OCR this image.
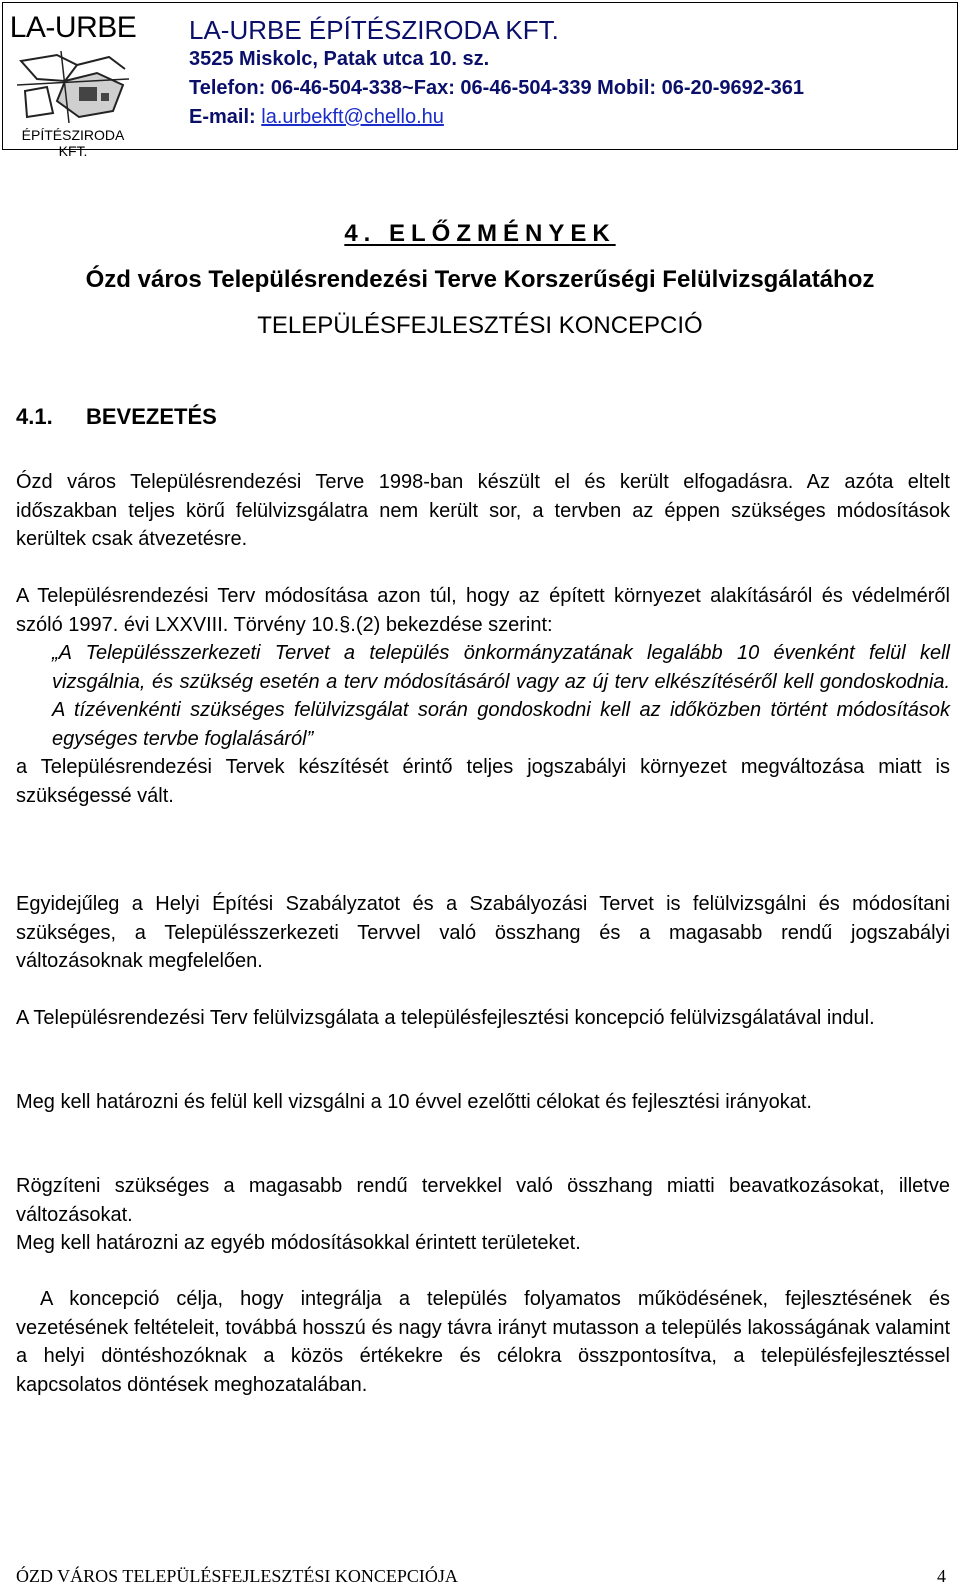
LA-URBE
ÉPÍTÉSZIRODA KFT.
LA-URBE ÉPÍTÉSZIRODA KFT.
3525 Miskolc, Patak utca 10. sz.
Telefon: 06-46-504-338~Fax: 06-46-504-339 Mobil: 06-20-9692-361
E-mail: la.urbekft@chello.hu
4. ELŐZMÉNYEK
Ózd város Településrendezési Terve Korszerűségi Felülvizsgálatához
TELEPÜLÉSFEJLESZTÉSI KONCEPCIÓ
4.1. BEVEZETÉS
Ózd város Településrendezési Terve 1998-ban készült el és került elfogadásra. Az azóta eltelt időszakban teljes körű felülvizsgálatra nem került sor, a tervben az éppen szükséges módosítások kerültek csak átvezetésre.
A Településrendezési Terv módosítása azon túl, hogy az épített környezet alakításáról és védelméről szóló 1997. évi LXXVIII. Törvény 10.§.(2) bekezdése szerint:
„A Településszerkezeti Tervet a település önkormányzatának legalább 10 évenként felül kell vizsgálnia, és szükség esetén a terv módosításáról vagy az új terv elkészítéséről kell gondoskodnia. A tízévenkénti szükséges felülvizsgálat során gondoskodni kell az időközben történt módosítások egységes tervbe foglalásáról”
a Településrendezési Tervek készítését érintő teljes jogszabályi környezet megváltozása miatt is szükségessé vált.
Egyidejűleg a Helyi Építési Szabályzatot és a Szabályozási Tervet is felülvizsgálni és módosítani szükséges, a Településszerkezeti Tervvel való összhang és a magasabb rendű jogszabályi változásoknak megfelelően.
A Településrendezési Terv felülvizsgálata a településfejlesztési koncepció felülvizsgálatával indul.
Meg kell határozni és felül kell vizsgálni a 10 évvel ezelőtti célokat és fejlesztési irányokat.
Rögzíteni szükséges a magasabb rendű tervekkel való összhang miatti beavatkozásokat, illetve változásokat.
Meg kell határozni az egyéb módosításokkal érintett területeket.
A koncepció célja, hogy integrálja a település folyamatos működésének, fejlesztésének és vezetésének feltételeit, továbbá hosszú és nagy távra irányt mutasson a település lakosságának valamint a helyi döntéshozóknak a közös értékekre és célokra összpontosítva, a településfejlesztéssel kapcsolatos döntések meghozatalában.
ÓZD VÁROS TELEPÜLÉSFEJLESZTÉSI KONCEPCIÓJA	4
